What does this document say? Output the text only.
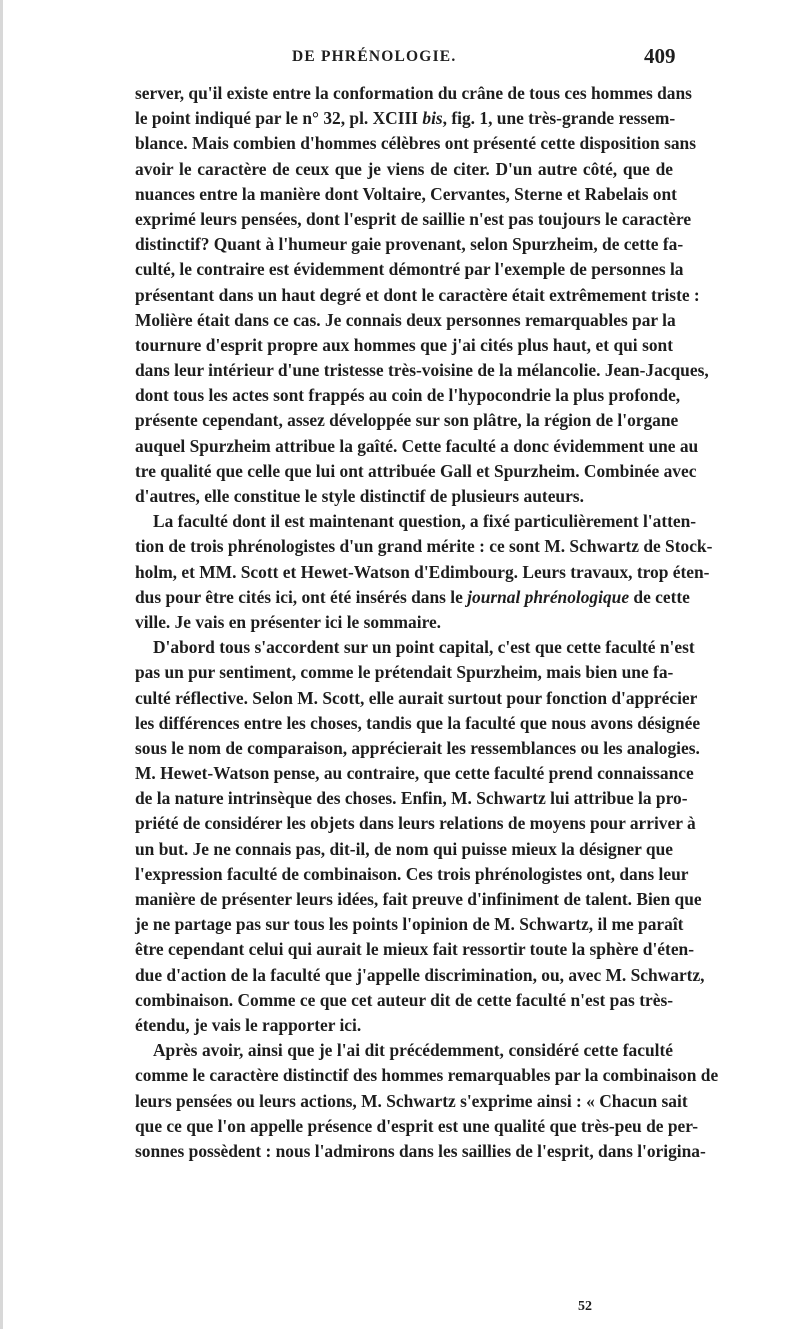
DE PHRÉNOLOGIE.	409
server, qu'il existe entre la conformation du crâne de tous ces hommes dans
le point indiqué par le n° 32, pl. XCIII bis, fig. 1, une très-grande ressem-
blance. Mais combien d'hommes célèbres ont présenté cette disposition sans
avoir le caractère de ceux que je viens de citer. D'un autre côté, que de
nuances entre la manière dont Voltaire, Cervantes, Sterne et Rabelais ont
exprimé leurs pensées, dont l'esprit de saillie n'est pas toujours le caractère
distinctif? Quant à l'humeur gaie provenant, selon Spurzheim, de cette fa-
culté, le contraire est évidemment démontré par l'exemple de personnes la
présentant dans un haut degré et dont le caractère était extrêmement triste :
Molière était dans ce cas. Je connais deux personnes remarquables par la
tournure d'esprit propre aux hommes que j'ai cités plus haut, et qui sont
dans leur intérieur d'une tristesse très-voisine de la mélancolie. Jean-Jacques,
dont tous les actes sont frappés au coin de l'hypocondrie la plus profonde,
présente cependant, assez développée sur son plâtre, la région de l'organe
auquel Spurzheim attribue la gaîté. Cette faculté a donc évidemment une au
tre qualité que celle que lui ont attribuée Gall et Spurzheim. Combinée avec
d'autres, elle constitue le style distinctif de plusieurs auteurs.
La faculté dont il est maintenant question, a fixé particulièrement l'atten-
tion de trois phrénologistes d'un grand mérite : ce sont M. Schwartz de Stock-
holm, et MM. Scott et Hewet-Watson d'Edimbourg. Leurs travaux, trop éten-
dus pour être cités ici, ont été insérés dans le journal phrénologique de cette
ville. Je vais en présenter ici le sommaire.
D'abord tous s'accordent sur un point capital, c'est que cette faculté n'est
pas un pur sentiment, comme le prétendait Spurzheim, mais bien une fa-
culté réflective. Selon M. Scott, elle aurait surtout pour fonction d'apprécier
les différences entre les choses, tandis que la faculté que nous avons désignée
sous le nom de comparaison, apprécierait les ressemblances ou les analogies.
M. Hewet-Watson pense, au contraire, que cette faculté prend connaissance
de la nature intrinsèque des choses. Enfin, M. Schwartz lui attribue la pro-
priété de considérer les objets dans leurs relations de moyens pour arriver à
un but. Je ne connais pas, dit-il, de nom qui puisse mieux la désigner que
l'expression faculté de combinaison. Ces trois phrénologistes ont, dans leur
manière de présenter leurs idées, fait preuve d'infiniment de talent. Bien que
je ne partage pas sur tous les points l'opinion de M. Schwartz, il me paraît
être cependant celui qui aurait le mieux fait ressortir toute la sphère d'éten-
due d'action de la faculté que j'appelle discrimination, ou, avec M. Schwartz,
combinaison. Comme ce que cet auteur dit de cette faculté n'est pas très-
étendu, je vais le rapporter ici.
Après avoir, ainsi que je l'ai dit précédemment, considéré cette faculté
comme le caractère distinctif des hommes remarquables par la combinaison de
leurs pensées ou leurs actions, M. Schwartz s'exprime ainsi : « Chacun sait
que ce que l'on appelle présence d'esprit est une qualité que très-peu de per-
sonnes possèdent : nous l'admirons dans les saillies de l'esprit, dans l'origina-
52
